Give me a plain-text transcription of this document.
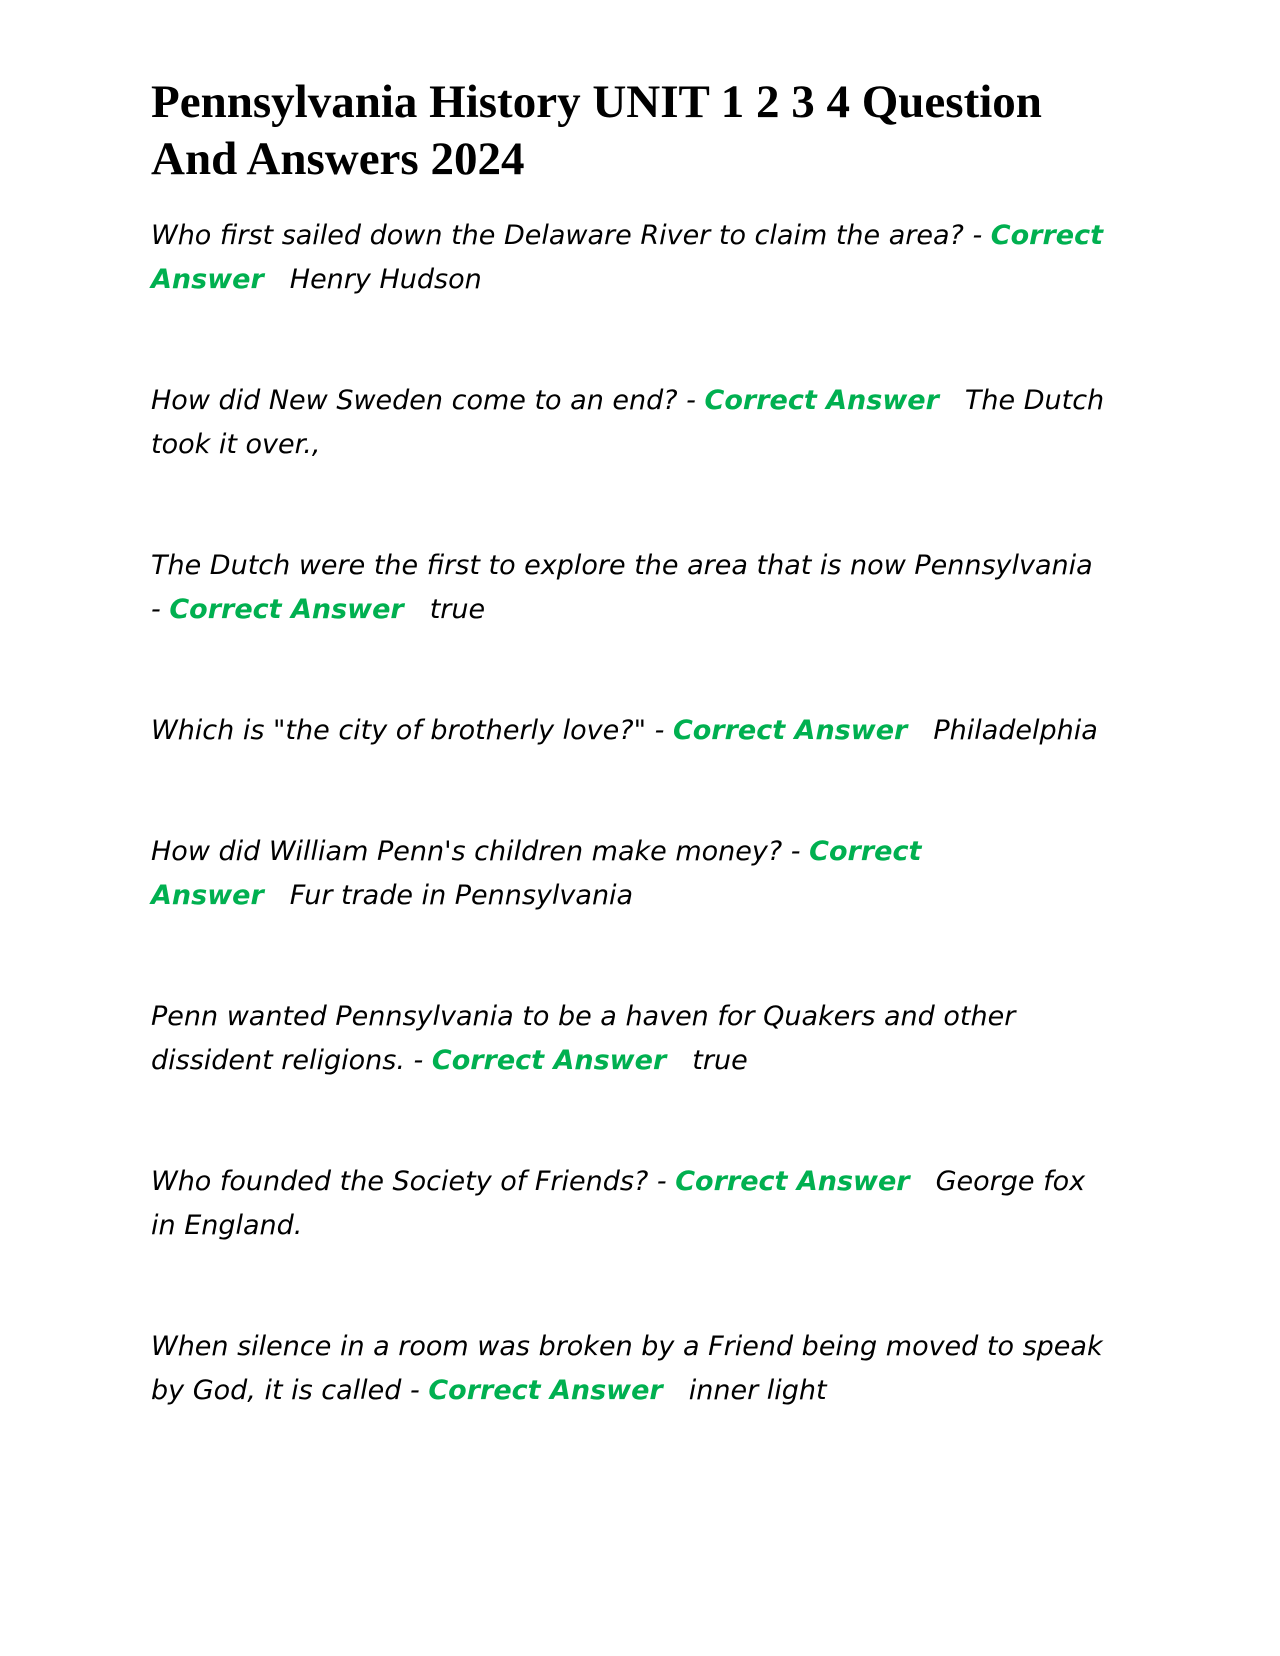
Pennsylvania History UNIT 1 2 3 4 Question And Answers 2024

Who first sailed down the Delaware River to claim the area? - Correct Answer Henry Hudson

How did New Sweden come to an end? - Correct Answer The Dutch took it over.,

The Dutch were the first to explore the area that is now Pennsylvania - Correct Answer true

Which is "the city of brotherly love?" - Correct Answer Philadelphia

How did William Penn's children make money? - Correct Answer Fur trade in Pennsylvania

Penn wanted Pennsylvania to be a haven for Quakers and other dissident religions. - Correct Answer true

Who founded the Society of Friends? - Correct Answer George fox in England.

When silence in a room was broken by a Friend being moved to speak by God, it is called - Correct Answer inner light
